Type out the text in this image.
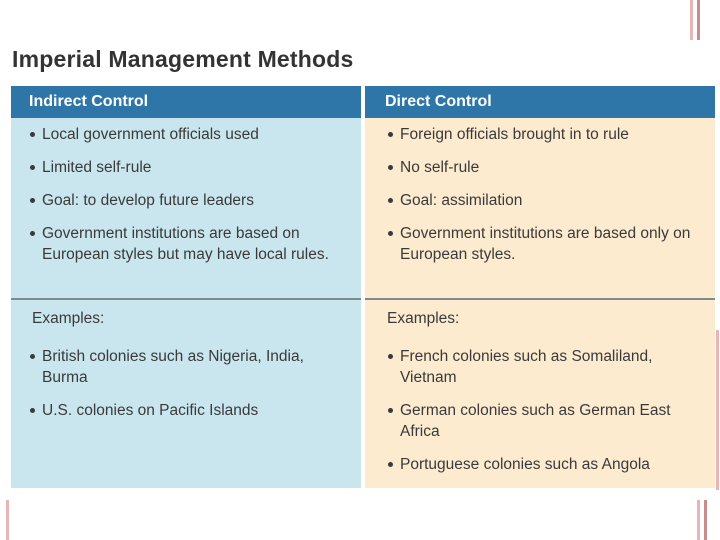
Imperial Management Methods
Indirect Control
Local government officials used
Limited self-rule
Goal: to develop future leaders
Government institutions are based on European styles but may have local rules.
Examples:
British colonies such as Nigeria, India, Burma
U.S. colonies on Pacific Islands
Direct Control
Foreign officials brought in to rule
No self-rule
Goal: assimilation
Government institutions are based only on European styles.
Examples:
French colonies such as Somaliland, Vietnam
German colonies such as German East Africa
Portuguese colonies such as Angola
